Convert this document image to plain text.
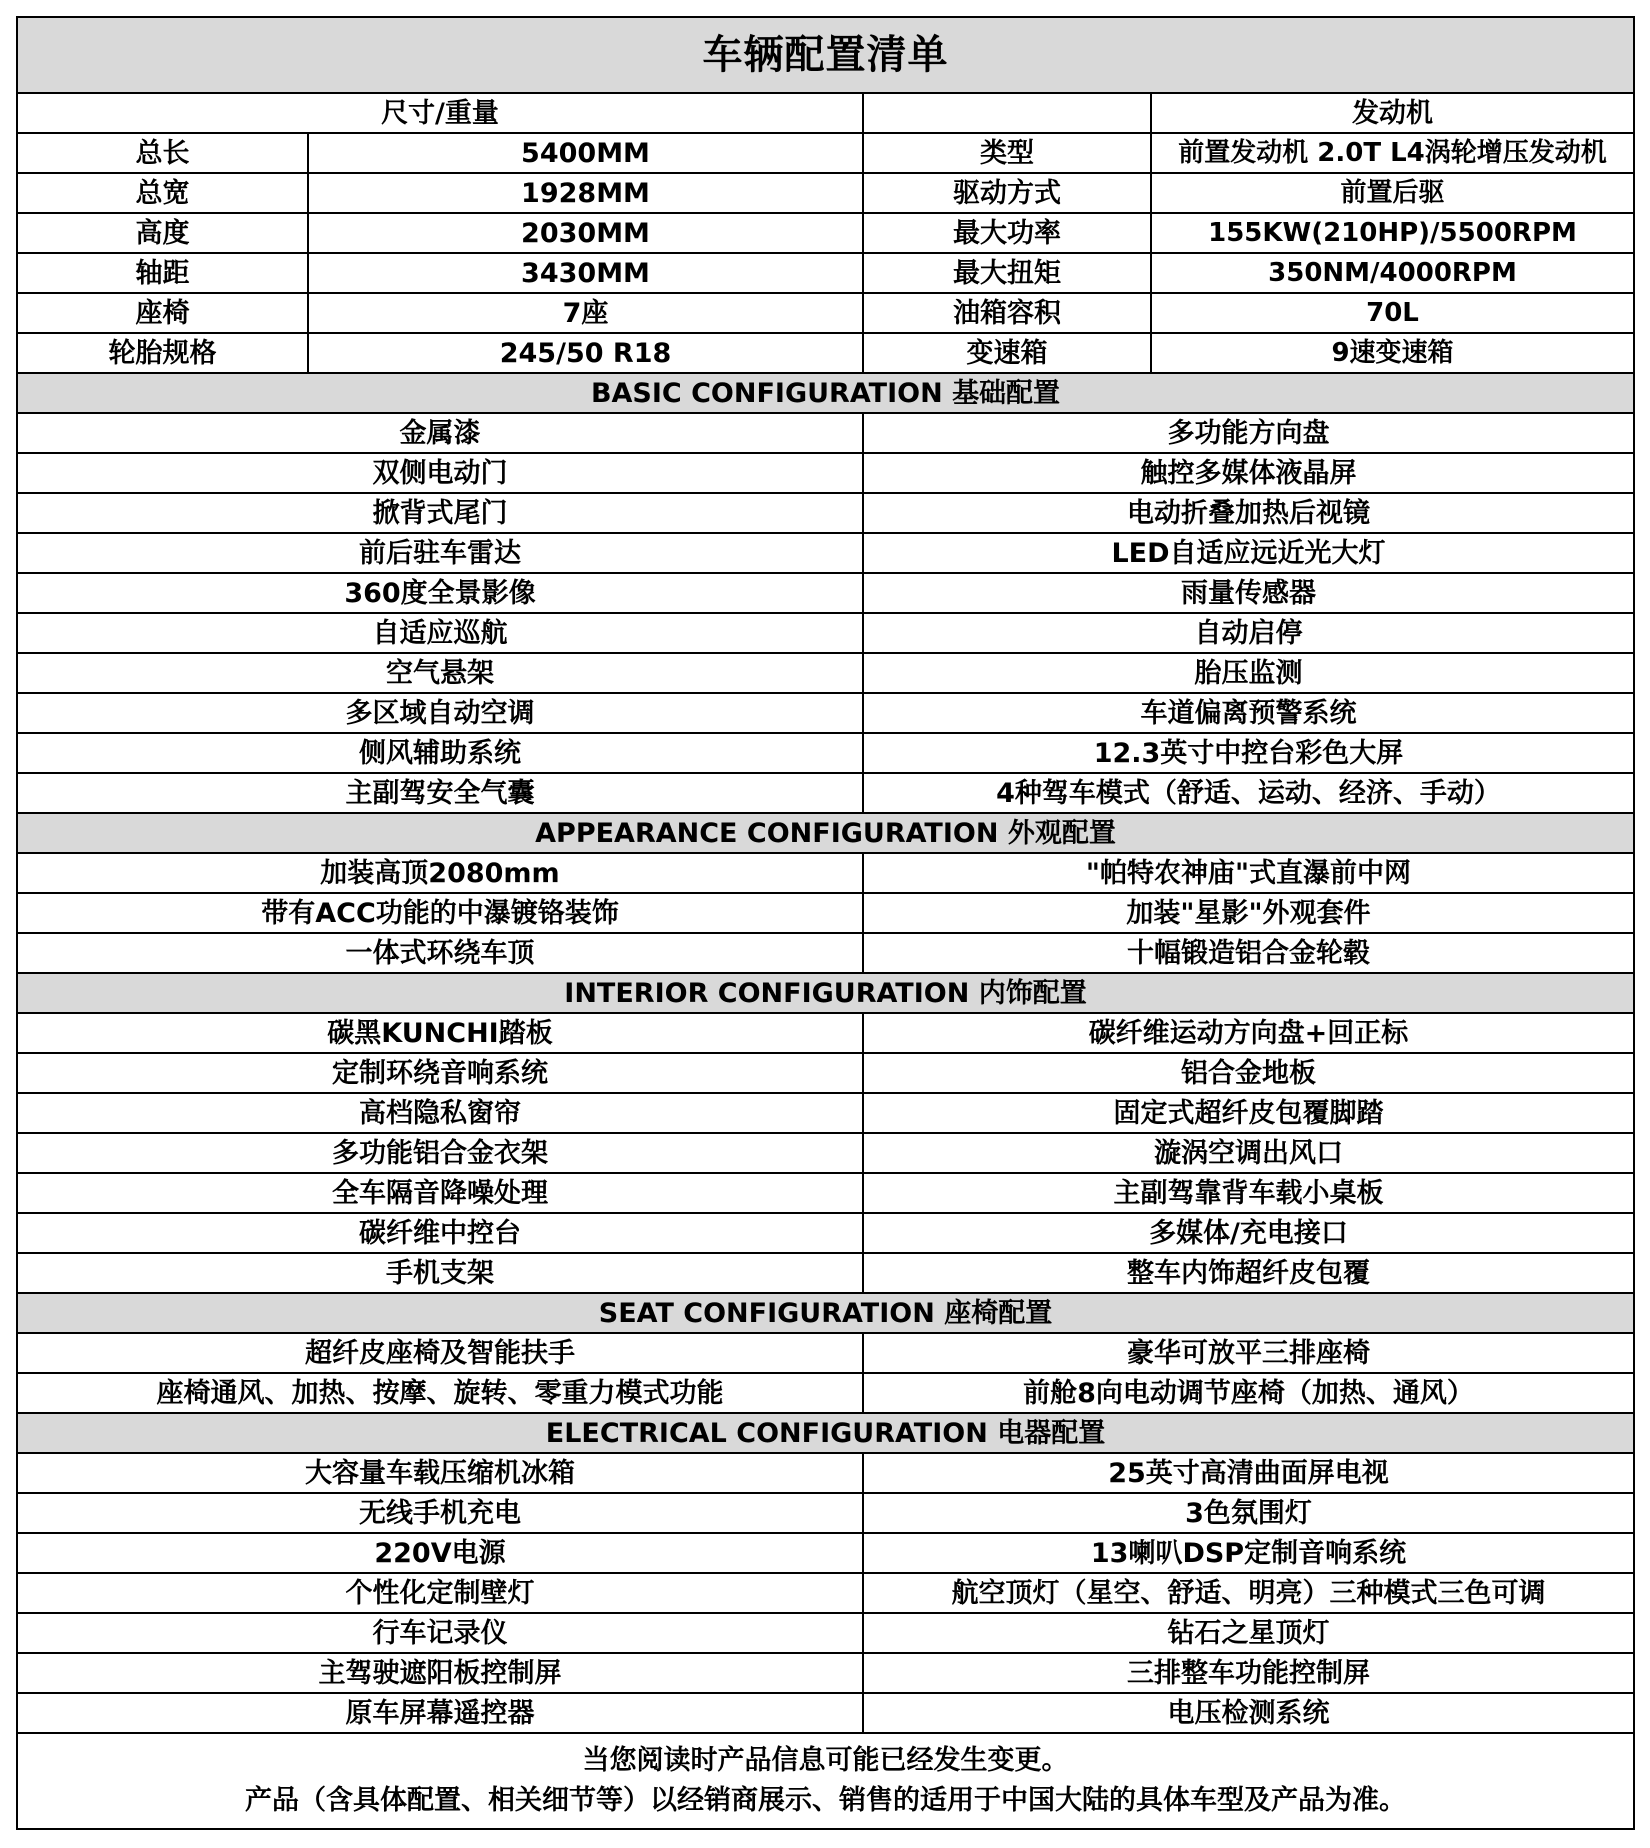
车辆配置清单			
尺寸/重量			发动机
总长	5400MM	类型	前置发动机 2.0T L4涡轮增压发动机
总宽	1928MM	驱动方式	前置后驱
高度	2030MM	最大功率	155KW(210HP)/5500RPM
轴距	3430MM	最大扭矩	350NM/4000RPM
座椅	7座	油箱容积	70L
轮胎规格	245/50 R18	变速箱	9速变速箱
BASIC CONFIGURATION 基础配置			
金属漆		多功能方向盘	
双侧电动门		触控多媒体液晶屏	
掀背式尾门		电动折叠加热后视镜	
前后驻车雷达		LED自适应远近光大灯	
360度全景影像		雨量传感器	
自适应巡航		自动启停	
空气悬架		胎压监测	
多区域自动空调		车道偏离预警系统	
侧风辅助系统		12.3英寸中控台彩色大屏	
主副驾安全气囊		4种驾车模式（舒适、运动、经济、手动）	
APPEARANCE CONFIGURATION 外观配置			
加装高顶2080mm		"帕特农神庙"式直瀑前中网	
带有ACC功能的中瀑镀铬装饰		加装"星影"外观套件	
一体式环绕车顶		十幅锻造铝合金轮毂	
INTERIOR CONFIGURATION 内饰配置			
碳黑KUNCHI踏板		碳纤维运动方向盘+回正标	
定制环绕音响系统		铝合金地板	
高档隐私窗帘		固定式超纤皮包覆脚踏	
多功能铝合金衣架		漩涡空调出风口	
全车隔音降噪处理		主副驾靠背车载小桌板	
碳纤维中控台		多媒体/充电接口	
手机支架		整车内饰超纤皮包覆	
SEAT CONFIGURATION 座椅配置			
超纤皮座椅及智能扶手		豪华可放平三排座椅	
座椅通风、加热、按摩、旋转、零重力模式功能		前舱8向电动调节座椅（加热、通风）	
ELECTRICAL CONFIGURATION 电器配置			
大容量车载压缩机冰箱		25英寸高清曲面屏电视	
无线手机充电		3色氛围灯	
220V电源		13喇叭DSP定制音响系统	
个性化定制壁灯		航空顶灯（星空、舒适、明亮）三种模式三色可调	
行车记录仪		钻石之星顶灯	
主驾驶遮阳板控制屏		三排整车功能控制屏	
原车屏幕遥控器		电压检测系统	

当您阅读时产品信息可能已经发生变更。
产品（含具体配置、相关细节等）以经销商展示、销售的适用于中国大陆的具体车型及产品为准。			
